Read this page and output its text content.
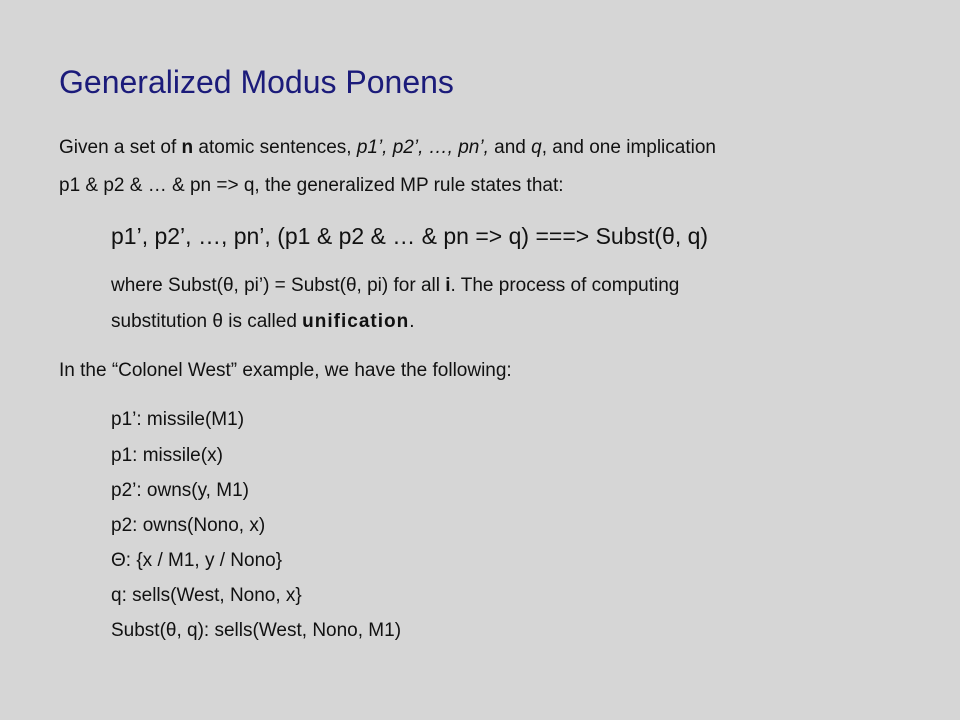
Generalized Modus Ponens
Given a set of n atomic sentences, p1’, p2’, …, pn’, and q, and one implication
p1 & p2 & … & pn => q, the generalized MP rule states that:
p1’, p2’, …, pn’, (p1 & p2 & … & pn => q) ===> Subst(θ, q)
where Subst(θ, pi’) = Subst(θ, pi) for all i. The process of computing
substitution θ is called unification.
In the “Colonel West” example, we have the following:
p1’: missile(M1)
p1: missile(x)
p2’: owns(y, M1)
p2: owns(Nono, x)
Θ: {x / M1, y / Nono}
q: sells(West, Nono, x}
Subst(θ, q): sells(West, Nono, M1)
